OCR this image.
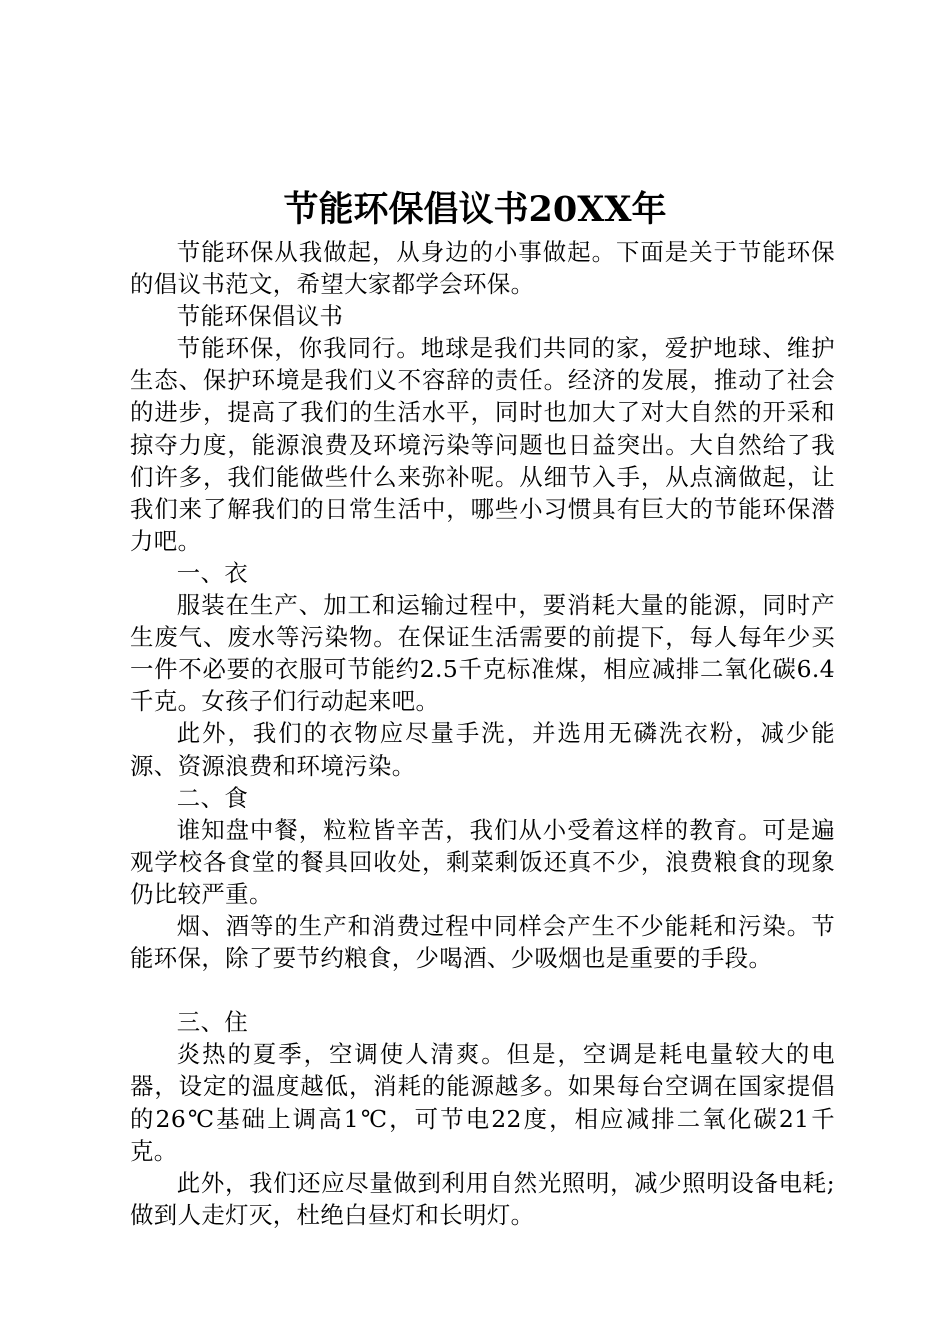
节能环保倡议书20XX年

节能环保从我做起，从身边的小事做起。下面是关于节能环保的倡议书范文，希望大家都学会环保。

节能环保倡议书

节能环保，你我同行。地球是我们共同的家，爱护地球、维护生态、保护环境是我们义不容辞的责任。经济的发展，推动了社会的进步，提高了我们的生活水平，同时也加大了对大自然的开采和掠夺力度，能源浪费及环境污染等问题也日益突出。大自然给了我们许多，我们能做些什么来弥补呢。从细节入手，从点滴做起，让我们来了解我们的日常生活中，哪些小习惯具有巨大的节能环保潜力吧。

一、衣

服装在生产、加工和运输过程中，要消耗大量的能源，同时产生废气、废水等污染物。在保证生活需要的前提下，每人每年少买一件不必要的衣服可节能约2.5千克标准煤，相应减排二氧化碳6.4千克。女孩子们行动起来吧。

此外，我们的衣物应尽量手洗，并选用无磷洗衣粉，减少能源、资源浪费和环境污染。

二、食

谁知盘中餐，粒粒皆辛苦，我们从小受着这样的教育。可是遍观学校各食堂的餐具回收处，剩菜剩饭还真不少，浪费粮食的现象仍比较严重。

烟、酒等的生产和消费过程中同样会产生不少能耗和污染。节能环保，除了要节约粮食，少喝酒、少吸烟也是重要的手段。

三、住

炎热的夏季，空调使人清爽。但是，空调是耗电量较大的电器，设定的温度越低，消耗的能源越多。如果每台空调在国家提倡的26℃基础上调高1℃，可节电22度，相应减排二氧化碳21千克。

此外，我们还应尽量做到利用自然光照明，减少照明设备电耗;做到人走灯灭，杜绝白昼灯和长明灯。
